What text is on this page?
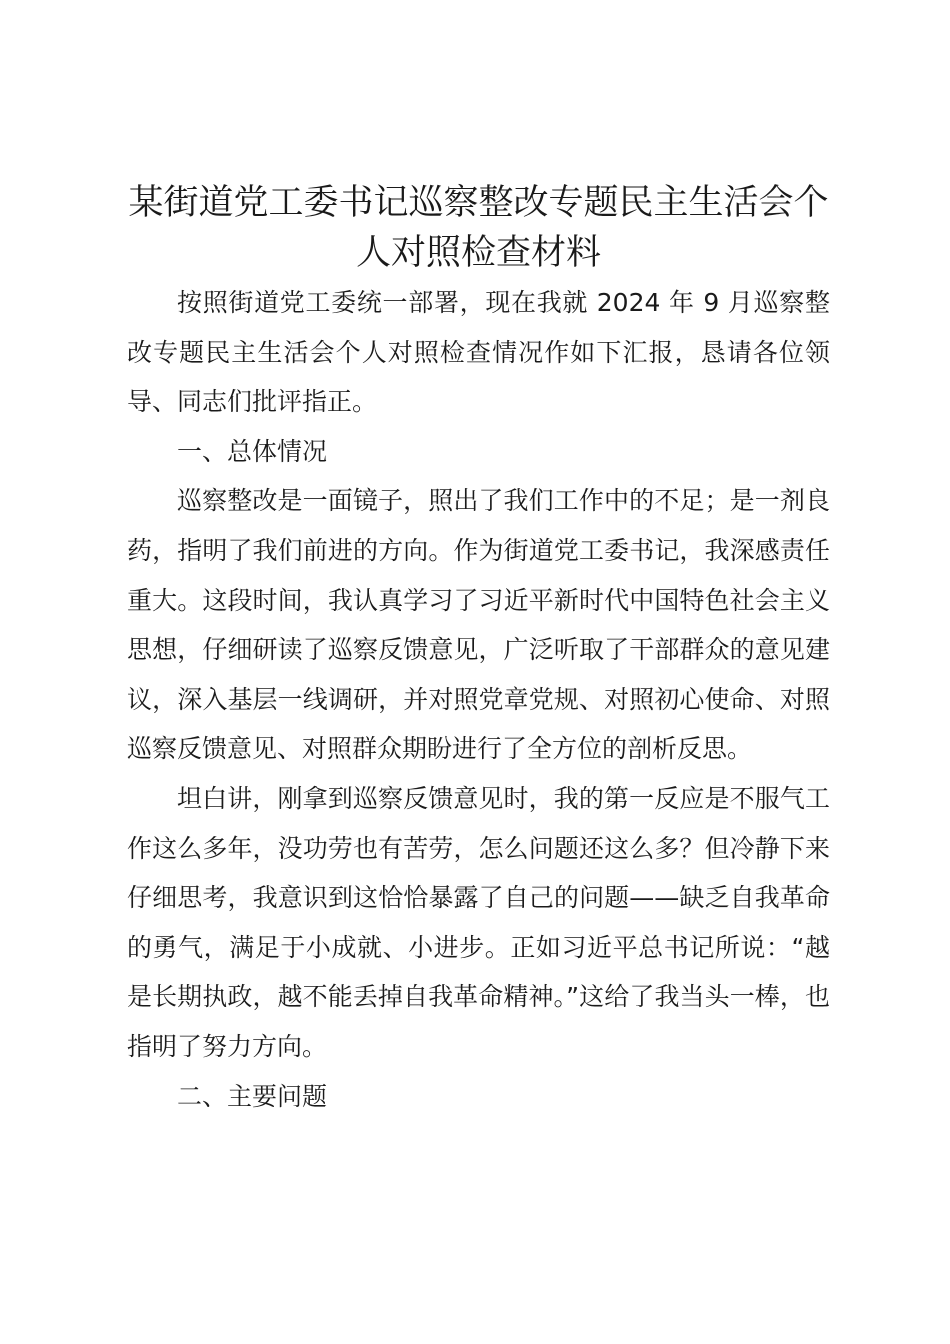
某街道党工委书记巡察整改专题民主生活会个人对照检查材料

按照街道党工委统一部署，现在我就 2024 年 9 月巡察整改专题民主生活会个人对照检查情况作如下汇报，恳请各位领导、同志们批评指正。

一、总体情况

巡察整改是一面镜子，照出了我们工作中的不足；是一剂良药，指明了我们前进的方向。作为街道党工委书记，我深感责任重大。这段时间，我认真学习了习近平新时代中国特色社会主义思想，仔细研读了巡察反馈意见，广泛听取了干部群众的意见建议，深入基层一线调研，并对照党章党规、对照初心使命、对照巡察反馈意见、对照群众期盼进行了全方位的剖析反思。

坦白讲，刚拿到巡察反馈意见时，我的第一反应是不服气工作这么多年，没功劳也有苦劳，怎么问题还这么多？但冷静下来仔细思考，我意识到这恰恰暴露了自己的问题——缺乏自我革命的勇气，满足于小成就、小进步。正如习近平总书记所说：“越是长期执政，越不能丢掉自我革命精神。”这给了我当头一棒，也指明了努力方向。

二、主要问题
